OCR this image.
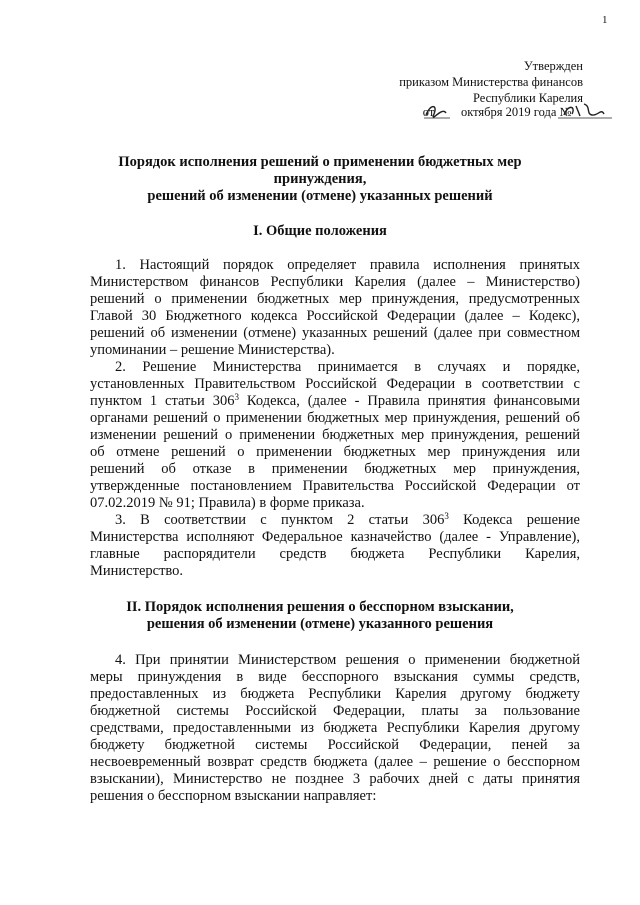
1
Утвержден
приказом Министерства финансов
Республики Карелия
от октября 2019 года №
Порядок исполнения решений о применении бюджетных мер
принуждения,
решений об изменении (отмене) указанных решений
I. Общие положения
1. Настоящий порядок определяет правила исполнения принятых
Министерством финансов Республики Карелия (далее – Министерство)
решений о применении бюджетных мер принуждения, предусмотренных
Главой 30 Бюджетного кодекса Российской Федерации (далее – Кодекс),
решений об изменении (отмене) указанных решений (далее при совместном
упоминании – решение Министерства).
2. Решение Министерства принимается в случаях и порядке,
установленных Правительством Российской Федерации в соответствии с
пунктом 1 статьи $306^3$ Кодекса, (далее - Правила принятия финансовыми
органами решений о применении бюджетных мер принуждения, решений об
изменении решений о применении бюджетных мер принуждения, решений
об отмене решений о применении бюджетных мер принуждения или
решений об отказе в применении бюджетных мер принуждения,
утвержденные постановлением Правительства Российской Федерации от
07.02.2019 № 91; Правила) в форме приказа.
3. В соответствии с пунктом 2 статьи $306^3$ Кодекса решение
Министерства исполняют Федеральное казначейство (далее - Управление),
главные распорядители средств бюджета Республики Карелия,
Министерство.
II. Порядок исполнения решения о бесспорном взыскании,
решения об изменении (отмене) указанного решения
4. При принятии Министерством решения о применении бюджетной
меры принуждения в виде бесспорного взыскания суммы средств,
предоставленных из бюджета Республики Карелия другому бюджету
бюджетной системы Российской Федерации, платы за пользование
средствами, предоставленными из бюджета Республики Карелия другому
бюджету бюджетной системы Российской Федерации, пеней за
несвоевременный возврат средств бюджета (далее – решение о бесспорном
взыскании), Министерство не позднее 3 рабочих дней с даты принятия
решения о бесспорном взыскании направляет:
